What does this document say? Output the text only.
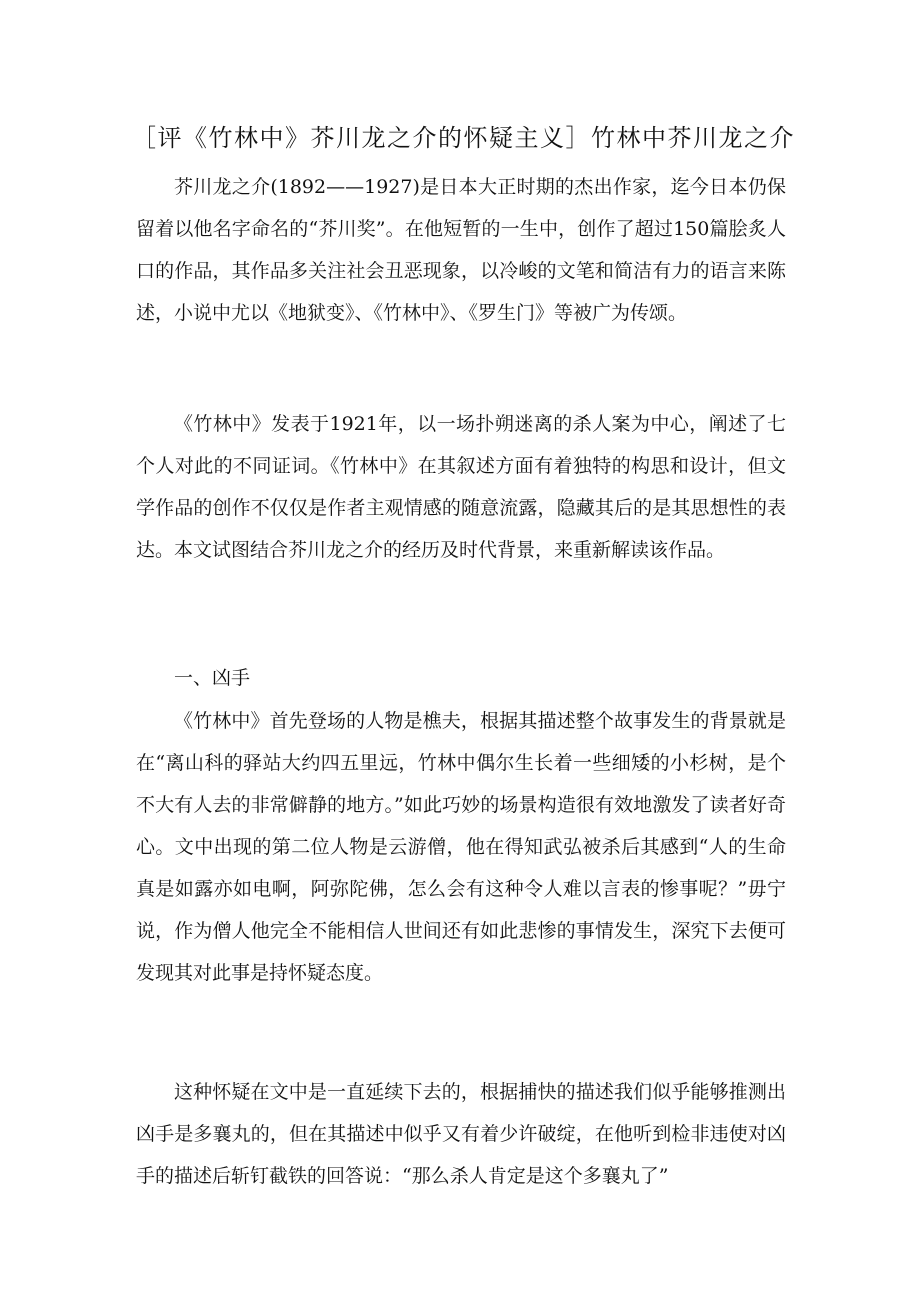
［评《竹林中》芥川龙之介的怀疑主义］竹林中芥川龙之介

芥川龙之介(1892——1927)是日本大正时期的杰出作家，迄今日本仍保留着以他名字命名的“芥川奖”。在他短暂的一生中，创作了超过150篇脍炙人口的作品，其作品多关注社会丑恶现象，以冷峻的文笔和简洁有力的语言来陈述，小说中尤以《地狱变》、《竹林中》、《罗生门》等被广为传颂。

《竹林中》发表于1921年，以一场扑朔迷离的杀人案为中心，阐述了七个人对此的不同证词。《竹林中》在其叙述方面有着独特的构思和设计，但文学作品的创作不仅仅是作者主观情感的随意流露，隐藏其后的是其思想性的表达。本文试图结合芥川龙之介的经历及时代背景，来重新解读该作品。

一、凶手

《竹林中》首先登场的人物是樵夫，根据其描述整个故事发生的背景就是在“离山科的驿站大约四五里远，竹林中偶尔生长着一些细矮的小杉树，是个不大有人去的非常僻静的地方。”如此巧妙的场景构造很有效地激发了读者好奇心。文中出现的第二位人物是云游僧，他在得知武弘被杀后其感到“人的生命真是如露亦如电啊，阿弥陀佛，怎么会有这种令人难以言表的惨事呢？”毋宁说，作为僧人他完全不能相信人世间还有如此悲惨的事情发生，深究下去便可发现其对此事是持怀疑态度。

这种怀疑在文中是一直延续下去的，根据捕快的描述我们似乎能够推测出凶手是多襄丸的，但在其描述中似乎又有着少许破绽，在他听到检非违使对凶手的描述后斩钉截铁的回答说：“那么杀人肯定是这个多襄丸了”
